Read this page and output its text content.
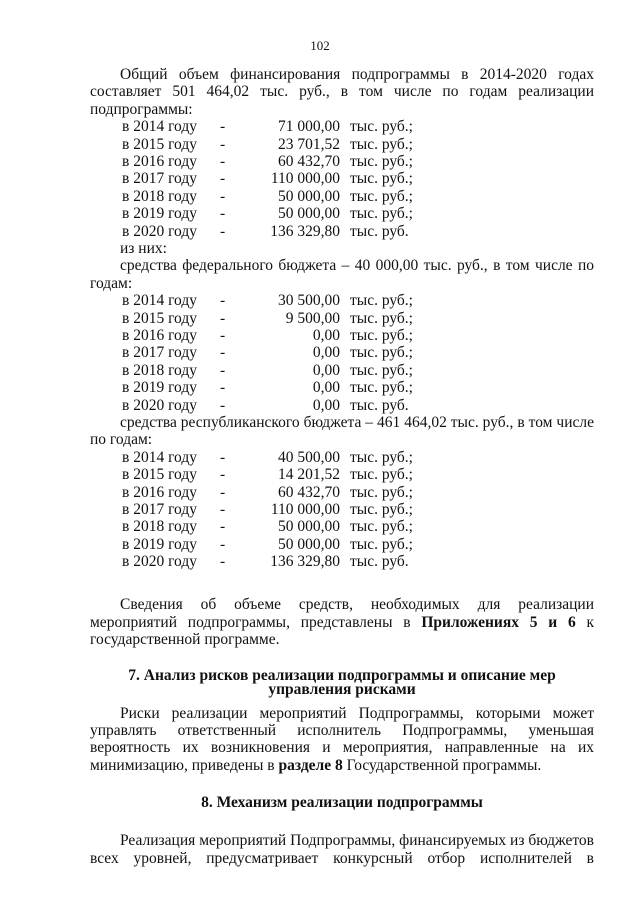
102

Общий объем финансирования подпрограммы в 2014-2020 годах составляет 501 464,02 тыс. руб., в том числе по годам реализации подпрограммы:

в 2014 году -	71 000,00 тыс. руб.;
в 2015 году -	23 701,52 тыс. руб.;
в 2016 году -	60 432,70 тыс. руб.;
в 2017 году -	110 000,00 тыс. руб.;
в 2018 году -	50 000,00 тыс. руб.;
в 2019 году -	50 000,00 тыс. руб.;
в 2020 году -	136 329,80 тыс. руб.

из них:

средства федерального бюджета – 40 000,00 тыс. руб., в том числе по годам:

в 2014 году -	30 500,00 тыс. руб.;
в 2015 году -	9 500,00 тыс. руб.;
в 2016 году -	0,00 тыс. руб.;
в 2017 году -	0,00 тыс. руб.;
в 2018 году -	0,00 тыс. руб.;
в 2019 году -	0,00 тыс. руб.;
в 2020 году -	0,00 тыс. руб.

средства республиканского бюджета – 461 464,02 тыс. руб., в том числе по годам:

в 2014 году -	40 500,00 тыс. руб.;
в 2015 году -	14 201,52 тыс. руб.;
в 2016 году -	60 432,70 тыс. руб.;
в 2017 году -	110 000,00 тыс. руб.;
в 2018 году -	50 000,00 тыс. руб.;
в 2019 году -	50 000,00 тыс. руб.;
в 2020 году -	136 329,80 тыс. руб.

Сведения об объеме средств, необходимых для реализации мероприятий подпрограммы, представлены в Приложениях 5 и 6 к государственной программе.

7. Анализ рисков реализации подпрограммы и описание мер управления рисками

Риски реализации мероприятий Подпрограммы, которыми может управлять ответственный исполнитель Подпрограммы, уменьшая вероятность их возникновения и мероприятия, направленные на их минимизацию, приведены в разделе 8 Государственной программы.

8. Механизм реализации подпрограммы

Реализация мероприятий Подпрограммы, финансируемых из бюджетов всех уровней, предусматривает конкурсный отбор исполнителей в
